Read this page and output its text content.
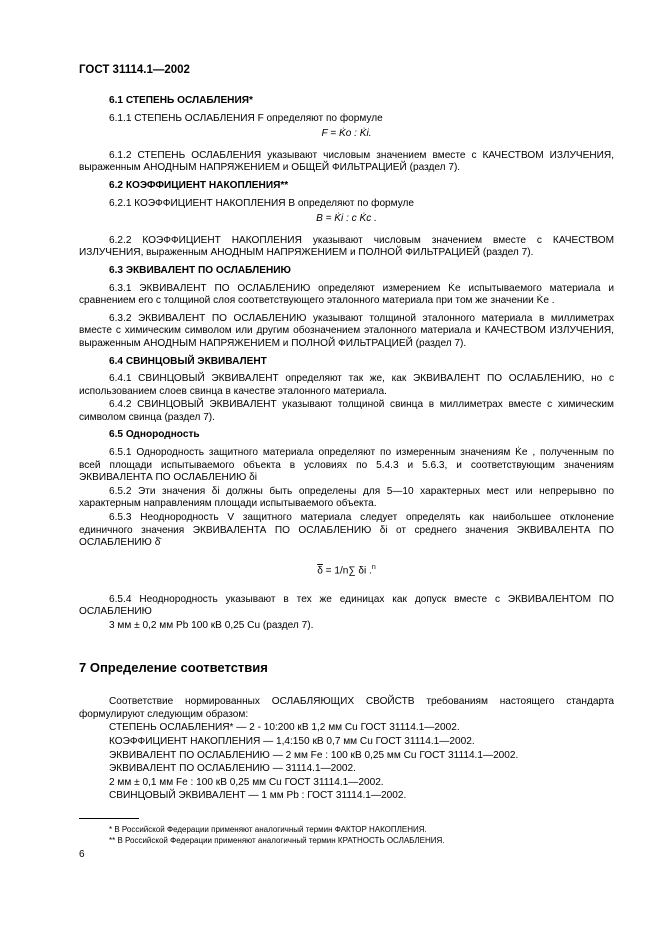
ГОСТ 31114.1—2002
6.1 СТЕПЕНЬ ОСЛАБЛЕНИЯ*
6.1.1 СТЕПЕНЬ ОСЛАБЛЕНИЯ F определяют по формуле
F = K̇o : K̇i.
6.1.2 СТЕПЕНЬ ОСЛАБЛЕНИЯ указывают числовым значением вместе с КАЧЕСТВОМ ИЗЛУЧЕНИЯ, выраженным АНОДНЫМ НАПРЯЖЕНИЕМ и ОБЩЕЙ ФИЛЬТРАЦИЕЙ (раздел 7).
6.2 КОЭФФИЦИЕНТ НАКОПЛЕНИЯ**
6.2.1 КОЭФФИЦИЕНТ НАКОПЛЕНИЯ B определяют по формуле
B = K̇i : c K̇c .
6.2.2 КОЭФФИЦИЕНТ НАКОПЛЕНИЯ указывают числовым значением вместе с КАЧЕСТВОМ ИЗЛУЧЕНИЯ, выраженным АНОДНЫМ НАПРЯЖЕНИЕМ и ПОЛНОЙ ФИЛЬТРАЦИЕЙ (раздел 7).
6.3 ЭКВИВАЛЕНТ ПО ОСЛАБЛЕНИЮ
6.3.1 ЭКВИВАЛЕНТ ПО ОСЛАБЛЕНИЮ определяют измерением K̇e испытываемого материала и сравнением его с толщиной слоя соответствующего эталонного материала при том же значении K̇e .
6.3.2 ЭКВИВАЛЕНТ ПО ОСЛАБЛЕНИЮ указывают толщиной эталонного материала в миллиметрах вместе с химическим символом или другим обозначением эталонного материала и КАЧЕСТВОМ ИЗЛУЧЕНИЯ, выраженным АНОДНЫМ НАПРЯЖЕНИЕМ и ПОЛНОЙ ФИЛЬТРАЦИЕЙ (раздел 7).
6.4 СВИНЦОВЫЙ ЭКВИВАЛЕНТ
6.4.1 СВИНЦОВЫЙ ЭКВИВАЛЕНТ определяют так же, как ЭКВИВАЛЕНТ ПО ОСЛАБЛЕНИЮ, но с использованием слоев свинца в качестве эталонного материала.
6.4.2 СВИНЦОВЫЙ ЭКВИВАЛЕНТ указывают толщиной свинца в миллиметрах вместе с химическим символом свинца (раздел 7).
6.5 Однородность
6.5.1 Однородность защитного материала определяют по измеренным значениям K̇e , полученным по всей площади испытываемого объекта в условиях по 5.4.3 и 5.6.3, и соответствующим значениям ЭКВИВАЛЕНТА ПО ОСЛАБЛЕНИЮ δi
6.5.2 Эти значения δi должны быть определены для 5—10 характерных мест или непрерывно по характерным направлениям площади испытываемого объекта.
6.5.3 Неоднородность V защитного материала следует определять как наибольшее отклонение единичного значения ЭКВИВАЛЕНТА ПО ОСЛАБЛЕНИЮ δi от среднего значения ЭКВИВАЛЕНТА ПО ОСЛАБЛЕНИЮ δ̄
$\overline{\delta} = 1/n\sum$ δi .$^n$
6.5.4 Неоднородность указывают в тех же единицах как допуск вместе с ЭКВИВАЛЕНТОМ ПО ОСЛАБЛЕНИЮ
3 мм ± 0,2 мм Pb 100 кВ 0,25 Cu (раздел 7).
7 Определение соответствия
Соответствие нормированных ОСЛАБЛЯЮЩИХ СВОЙСТВ требованиям настоящего стандарта формулируют следующим образом:
СТЕПЕНЬ ОСЛАБЛЕНИЯ* — 2 - 10:200 кВ 1,2 мм Cu ГОСТ 31114.1—2002.
КОЭФФИЦИЕНТ НАКОПЛЕНИЯ — 1,4:150 кВ 0,7 мм Cu ГОСТ 31114.1—2002.
ЭКВИВАЛЕНТ ПО ОСЛАБЛЕНИЮ — 2 мм Fe : 100 кВ 0,25 мм Cu ГОСТ 31114.1—2002.
ЭКВИВАЛЕНТ ПО ОСЛАБЛЕНИЮ — 31114.1—2002.
2 мм ± 0,1 мм Fe : 100 кВ 0,25 мм Cu ГОСТ 31114.1—2002.
СВИНЦОВЫЙ ЭКВИВАЛЕНТ — 1 мм Pb : ГОСТ 31114.1—2002.
* В Российской Федерации применяют аналогичный термин ФАКТОР НАКОПЛЕНИЯ.
** В Российской Федерации применяют аналогичный термин КРАТНОСТЬ ОСЛАБЛЕНИЯ.
6
